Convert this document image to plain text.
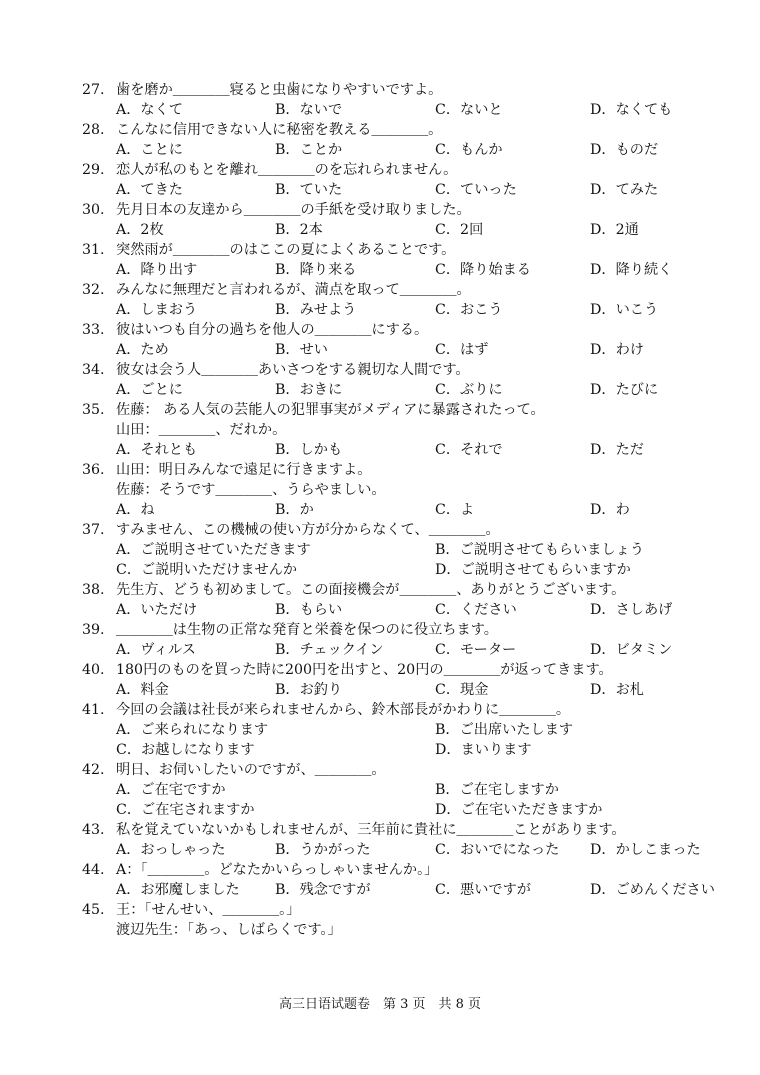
27. 歯を磨か＿＿＿＿寝ると虫歯になりやすいですよ。
A．なくて	B．ないで	C．ないと	D．なくても
28. こんなに信用できない人に秘密を教える＿＿＿＿。
A．ことに	B．ことか	C．もんか	D．ものだ
29. 恋人が私のもとを離れ＿＿＿＿のを忘れられません。
A．てきた	B．ていた	C．ていった	D．てみた
30. 先月日本の友達から＿＿＿＿の手紙を受け取りました。
A．2枚	B．2本	C．2回	D．2通
31. 突然雨が＿＿＿＿のはここの夏によくあることです。
A．降り出す	B．降り来る	C．降り始まる	D．降り続く
32. みんなに無理だと言われるが、満点を取って＿＿＿＿。
A．しまおう	B．みせよう	C．おこう	D．いこう
33. 彼はいつも自分の過ちを他人の＿＿＿＿にする。
A．ため	B．せい	C．はず	D．わけ
34. 彼女は会う人＿＿＿＿あいさつをする親切な人間です。
A．ごとに	B．おきに	C．ぶりに	D．たびに
35. 佐藤： ある人気の芸能人の犯罪事実がメディアに暴露されたって。
山田：＿＿＿＿、だれか。
A．それとも	B．しかも	C．それで	D．ただ
36. 山田：明日みんなで遠足に行きますよ。
佐藤：そうです＿＿＿＿、うらやましい。
A．ね	B．か	C．よ	D．わ
37. すみません、この機械の使い方が分からなくて、＿＿＿＿。
A．ご説明させていただきます	B．ご説明させてもらいましょう
C．ご説明いただけませんか	D．ご説明させてもらいますか
38. 先生方、どうも初めまして。この面接機会が＿＿＿＿、ありがとうございます。
A．いただけ	B．もらい	C．ください	D．さしあげ
39. ＿＿＿＿は生物の正常な発育と栄養を保つのに役立ちます。
A．ヴィルス	B．チェックイン	C．モーター	D．ビタミン
40. 180円のものを買った時に200円を出すと、20円の＿＿＿＿が返ってきます。
A．料金	B．お釣り	C．現金	D．お札
41. 今回の会議は社長が来られませんから、鈴木部長がかわりに＿＿＿＿。
A．ご来られになります	B．ご出席いたします
C．お越しになります	D．まいります
42. 明日、お伺いしたいのですが、＿＿＿＿。
A．ご在宅ですか	B．ご在宅しますか
C．ご在宅されますか	D．ご在宅いただきますか
43. 私を覚えていないかもしれませんが、三年前に貴社に＿＿＿＿ことがあります。
A．おっしゃった	B．うかがった	C．おいでになった D．かしこまった
44. A：「＿＿＿＿。どなたかいらっしゃいませんか。」
A．お邪魔しました B．残念ですが	C．悪いですが	D．ごめんください
45. 王：「せんせい、＿＿＿＿。」
渡辺先生：「あっ、しばらくです。」
高三日语试题卷　第 3 页　共 8 页
